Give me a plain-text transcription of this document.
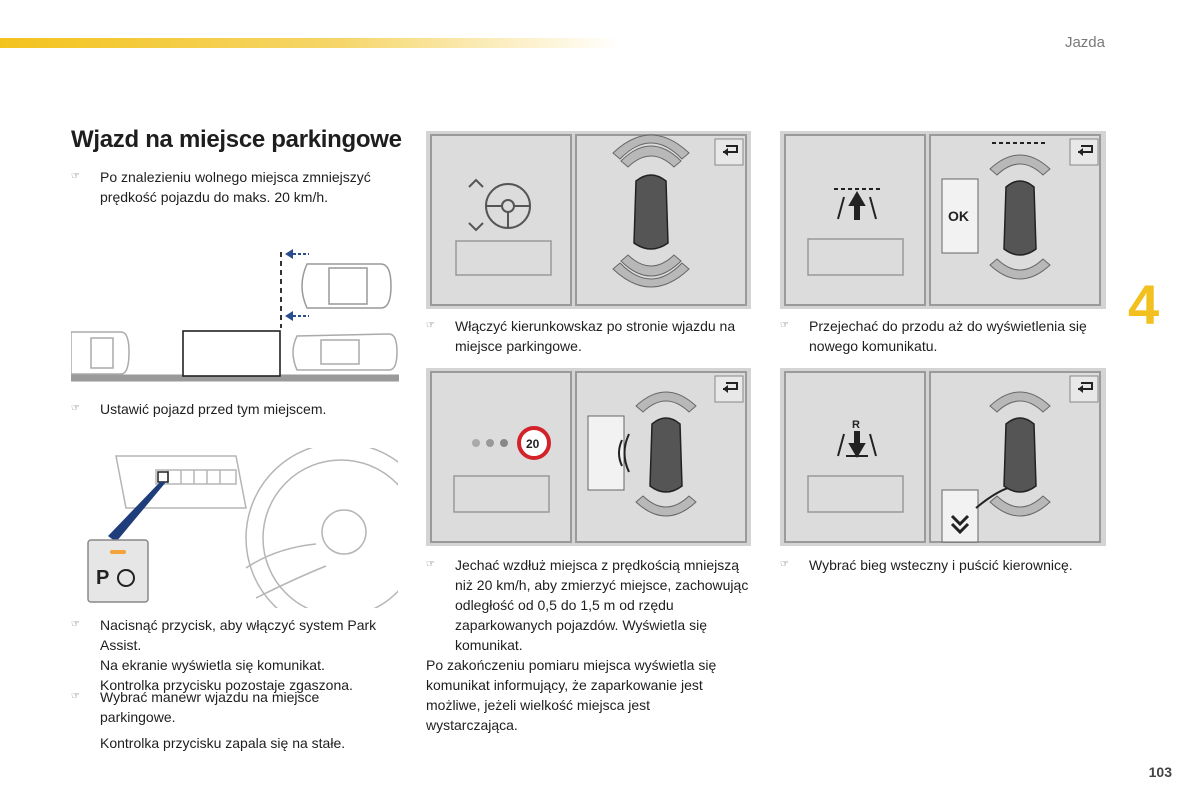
Jazda
4
103
Wjazd na miejsce parkingowe
☞	Po znalezieniu wolnego miejsca zmniejszyć prędkość pojazdu do maks. 20 km/h.
☞	Ustawić pojazd przed tym miejscem.
P
☞	Nacisnąć przycisk, aby włączyć system Park Assist.
Na ekranie wyświetla się komunikat.
Kontrolka przycisku pozostaje zgaszona.
☞	Wybrać manewr wjazdu na miejsce parkingowe.
Kontrolka przycisku zapala się na stałe.
☞	Włączyć kierunkowskaz po stronie wjazdu na miejsce parkingowe.
OK
☞	Przejechać do przodu aż do wyświetlenia się nowego komunikatu.
20
☞	Jechać wzdłuż miejsca z prędkością mniejszą niż 20 km/h, aby zmierzyć miejsce, zachowując odległość od 0,5 do 1,5 m od rzędu zaparkowanych pojazdów. Wyświetla się komunikat.
Po zakończeniu pomiaru miejsca wyświetla się komunikat informujący, że zaparkowanie jest możliwe, jeżeli wielkość miejsca jest wystarczająca.
R
☞	Wybrać bieg wsteczny i puścić kierownicę.
